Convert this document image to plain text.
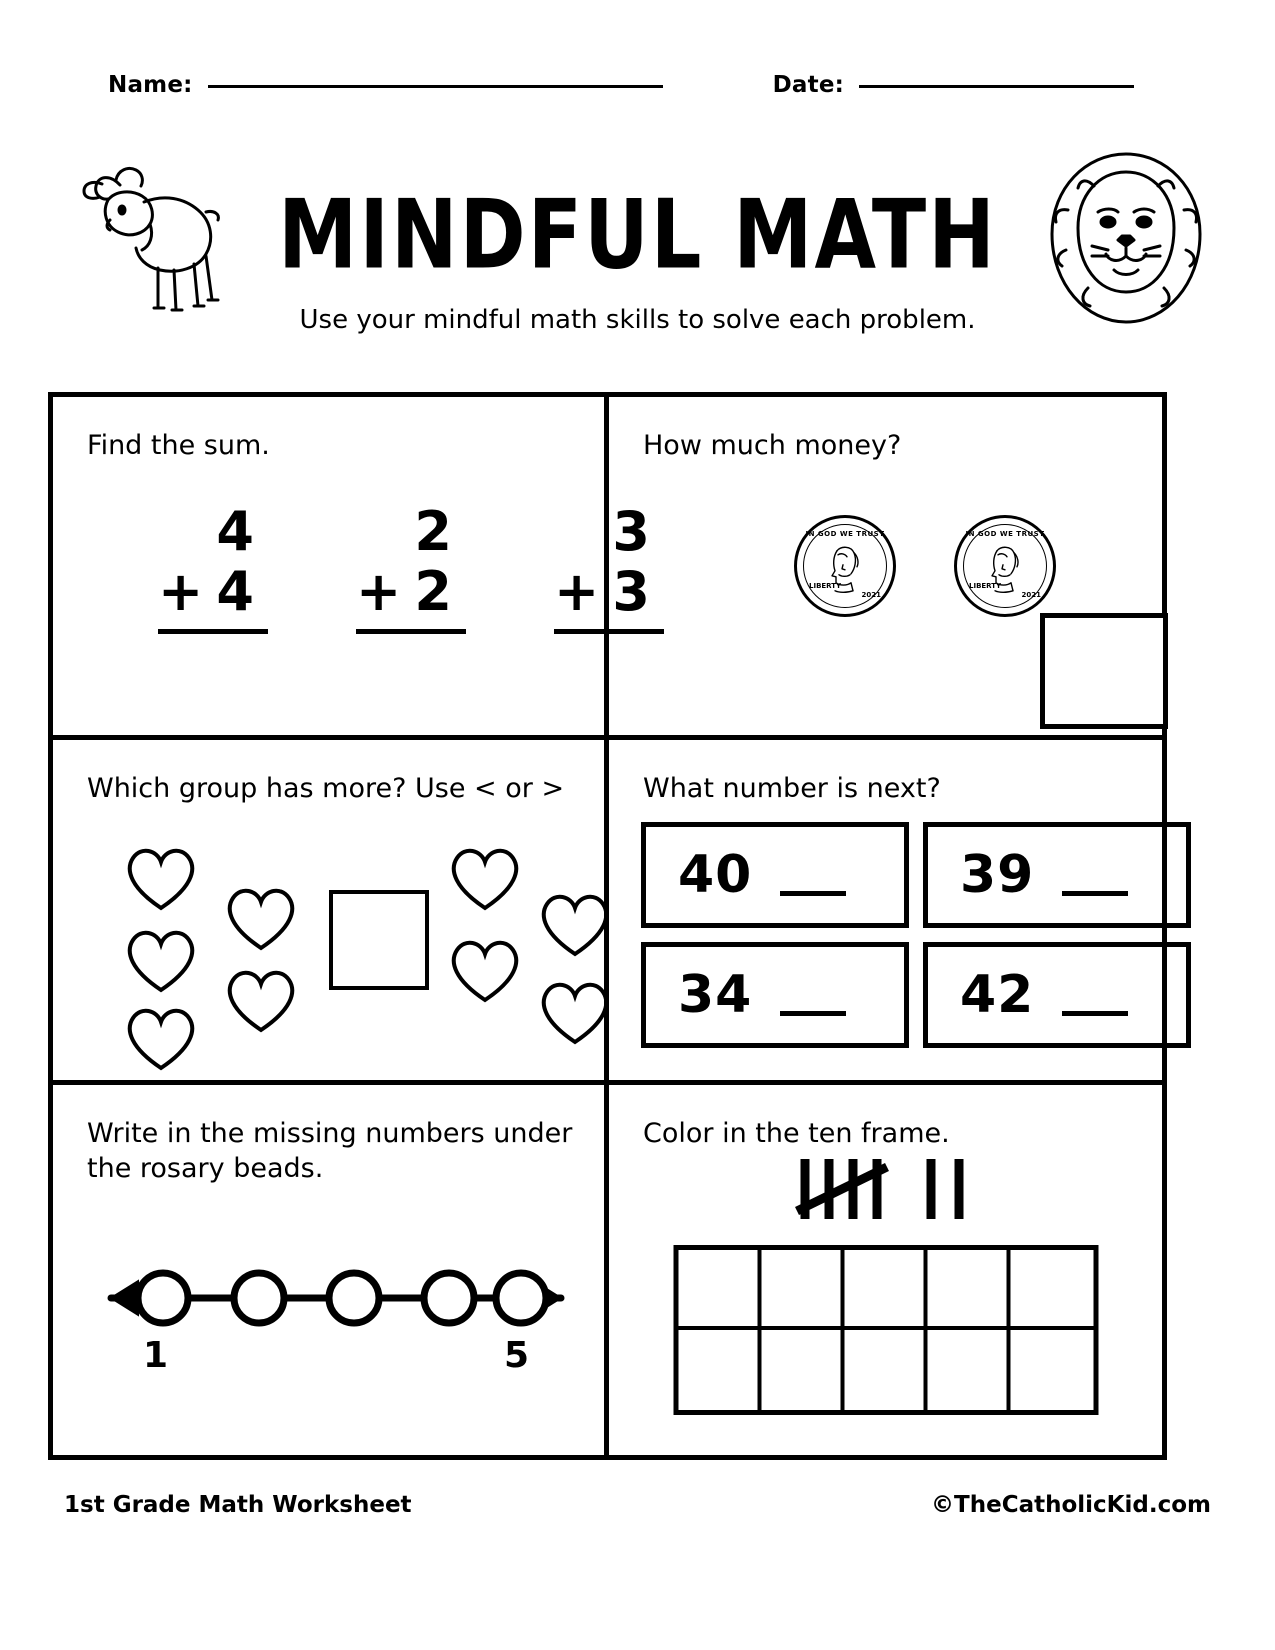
Name:	Date:
MINDFUL MATH
Use your mindful math skills to solve each problem.
Find the sum.
4
+ 4
2
+ 2
3
+ 3
How much money?
IN GOD WE TRUST
LIBERTY
2021
IN GOD WE TRUST
LIBERTY
2021
Which group has more? Use < or >	What number is next?
40	39
34	42
Write in the missing numbers under the rosary beads.
1	5
Color in the ten frame.
1st Grade Math Worksheet	©TheCatholicKid.com
